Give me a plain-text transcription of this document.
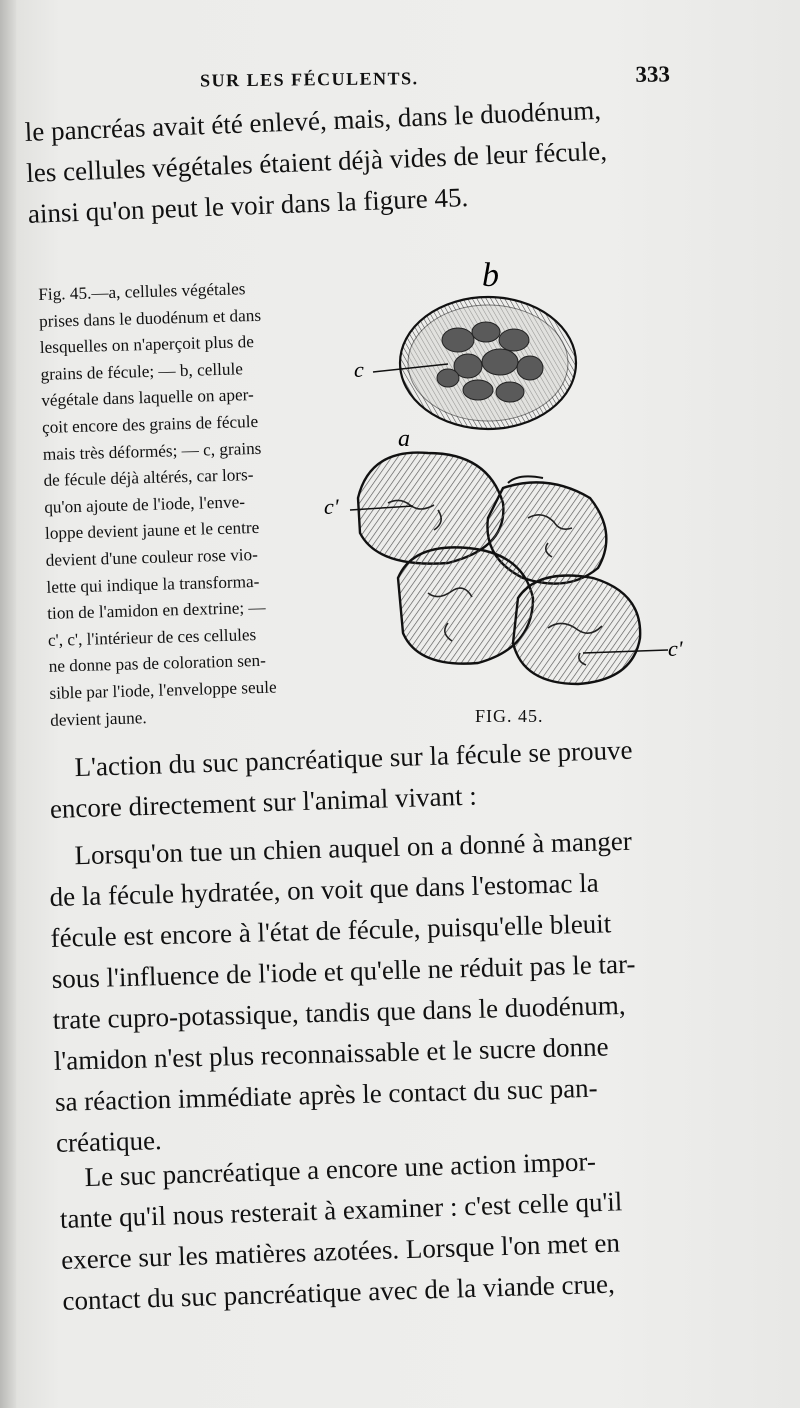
SUR LES FÉCULENTS.	333

le pancréas avait été enlevé, mais, dans le duodénum,

les cellules végétales étaient déjà vides de leur fécule,

ainsi qu'on peut le voir dans la figure 45.

Fig. 45.—a, cellules végétales

prises dans le duodénum et dans

lesquelles on n'aperçoit plus de

grains de fécule; — b, cellule

végétale dans laquelle on aper-

çoit encore des grains de fécule

mais très déformés; — c, grains

de fécule déjà altérés, car lors-

qu'on ajoute de l'iode, l'enve-

loppe devient jaune et le centre

devient d'une couleur rose vio-

lette qui indique la transforma-

tion de l'amidon en dextrine; —

c', c', l'intérieur de ces cellules

ne donne pas de coloration sen-

sible par l'iode, l'enveloppe seule

devient jaune.

b
c
a
c'
c'
FIG. 45.

L'action du suc pancréatique sur la fécule se prouve

encore directement sur l'animal vivant :

Lorsqu'on tue un chien auquel on a donné à manger

de la fécule hydratée, on voit que dans l'estomac la

fécule est encore à l'état de fécule, puisqu'elle bleuit

sous l'influence de l'iode et qu'elle ne réduit pas le tar-

trate cupro-potassique, tandis que dans le duodénum,

l'amidon n'est plus reconnaissable et le sucre donne

sa réaction immédiate après le contact du suc pan-

créatique.

Le suc pancréatique a encore une action impor-

tante qu'il nous resterait à examiner : c'est celle qu'il

exerce sur les matières azotées. Lorsque l'on met en

contact du suc pancréatique avec de la viande crue,
